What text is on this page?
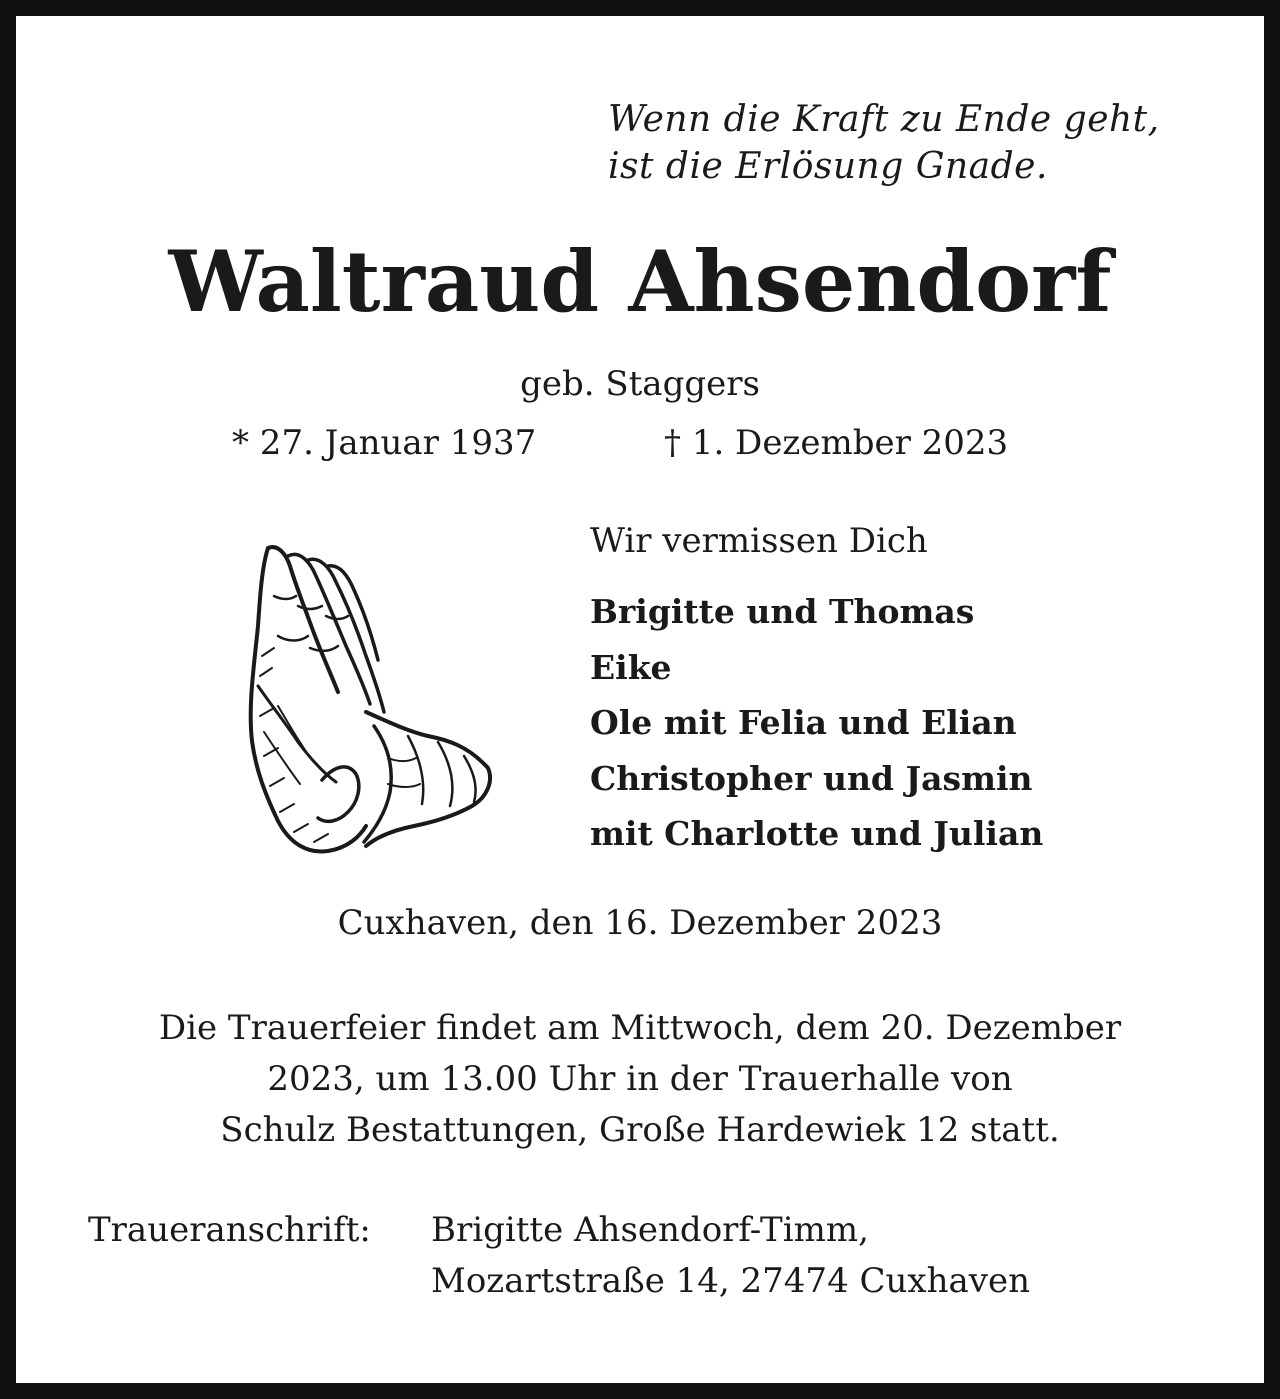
Wenn die Kraft zu Ende geht,
ist die Erlösung Gnade.
Waltraud Ahsendorf
geb. Staggers
* 27. Januar 1937	† 1. Dezember 2023
Wir vermissen Dich
Brigitte und Thomas
Eike
Ole mit Felia und Elian
Christopher und Jasmin
mit Charlotte und Julian
Cuxhaven, den 16. Dezember 2023
Die Trauerfeier findet am Mittwoch, dem 20. Dezember
2023, um 13.00 Uhr in der Trauerhalle von
Schulz Bestattungen, Große Hardewiek 12 statt.
Traueranschrift: Brigitte Ahsendorf-Timm,
Mozartstraße 14, 27474 Cuxhaven
